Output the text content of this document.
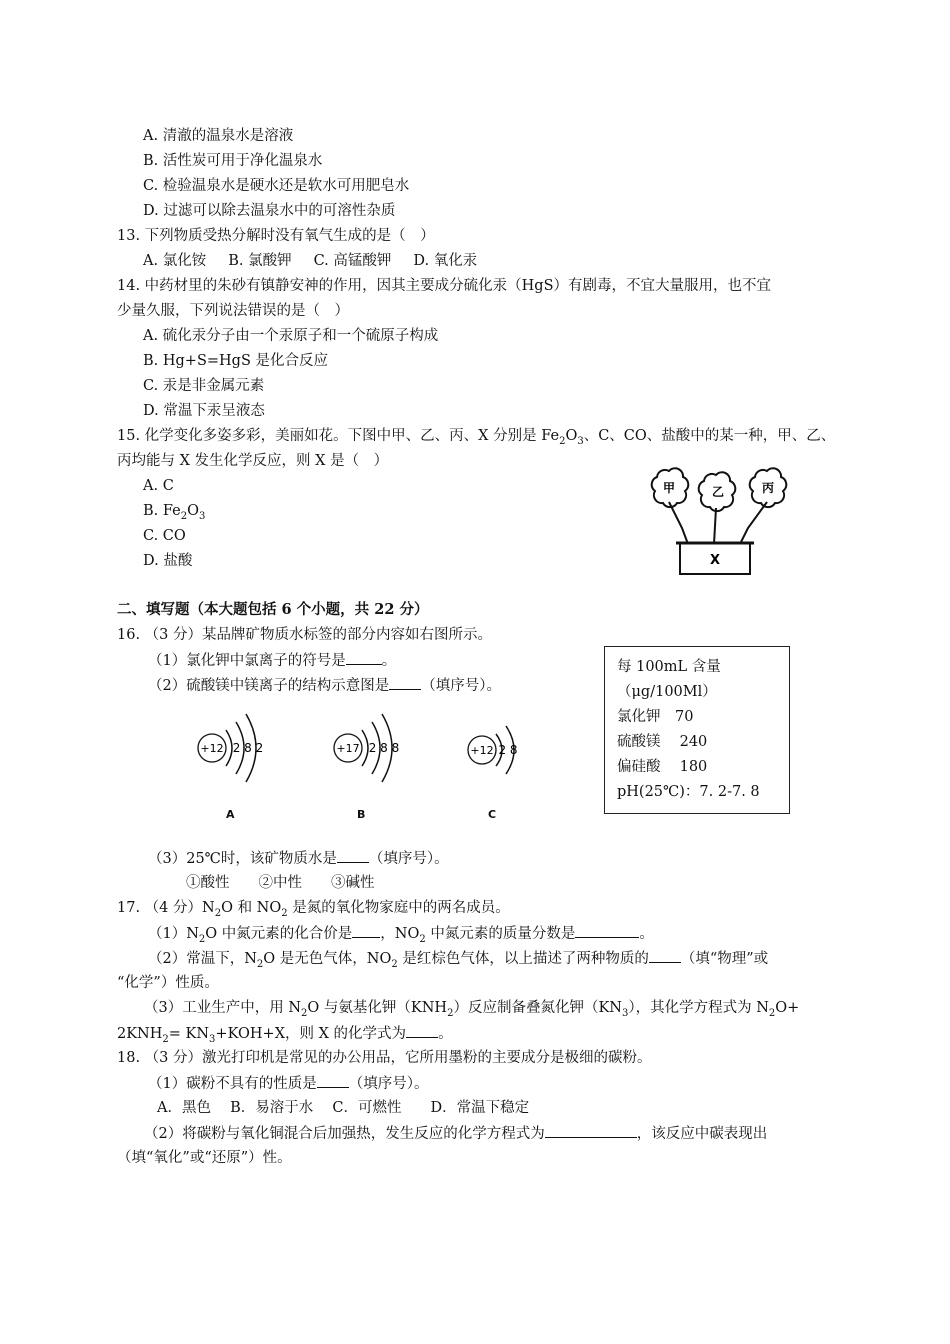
A. 清澈的温泉水是溶液
B. 活性炭可用于净化温泉水
C. 检验温泉水是硬水还是软水可用肥皂水
D. 过滤可以除去温泉水中的可溶性杂质
13. 下列物质受热分解时没有氧气生成的是（　）
A. 氯化铵 B. 氯酸钾 C. 高锰酸钾 D. 氧化汞
14. 中药材里的朱砂有镇静安神的作用，因其主要成分硫化汞（HgS）有剧毒，不宜大量服用，也不宜
少量久服，下列说法错误的是（　）
A. 硫化汞分子由一个汞原子和一个硫原子构成
B. Hg+S=HgS 是化合反应
C. 汞是非金属元素
D. 常温下汞呈液态
15. 化学变化多姿多彩，美丽如花。下图中甲、乙、丙、X 分别是 $Fe_2O_3$、C、CO、盐酸中的某一种，甲、乙、
丙均能与 X 发生化学反应，则 X 是（　）
A. C
B. $Fe_2O_3$
C. CO
D. 盐酸
甲	乙	丙
X
二、填写题（本大题包括 6 个小题，共 22 分）
16. （3 分）某品牌矿物质水标签的部分内容如右图所示。
（1）氯化钾中氯离子的符号是 。
（2）硫酸镁中镁离子的结构示意图是 （填序号）。
+12 2 8 2
A
+17 2 8 8
B
+12 2 8
C
每 100mL 含量
（μg/100Ml）
氯化钾　70
硫酸镁　 240
偏硅酸　 180
pH(25℃)：7. 2-7. 8
（3）25℃时，该矿物质水是 （填序号）。
①酸性　　②中性　　③碱性
17. （4 分）$N_2O$ 和 $NO_2$ 是氮的氧化物家庭中的两名成员。
$(1)N_2O$ 中氮元素的化合价是 ，$NO_2$ 中氮元素的质量分数是	。
（2）常温下，$N_2O$ 是无色气体，$NO_2$ 是红棕色气体，以上描述了两种物质的 （填“物理”或
“化学”）性质。
（3）工业生产中，用 $N_2O$ 与氨基化钾$(KNH_2)$反应制备叠氮化钾$(KN_3)$，其化学方程式为 $N_2O+$
$2KNH_2= KN_3+KOH+X$，则 X 的化学式为 。
18. （3 分）激光打印机是常见的办公用品，它所用墨粉的主要成分是极细的碳粉。
（1）碳粉不具有的性质是 （填序号）。
A．黑色　 B．易溶于水　 C．可燃性　　D．常温下稳定
（2）将碳粉与氧化铜混合后加强热，发生反应的化学方程式为	，该反应中碳表现出
（填“氧化”或“还原”）性。
